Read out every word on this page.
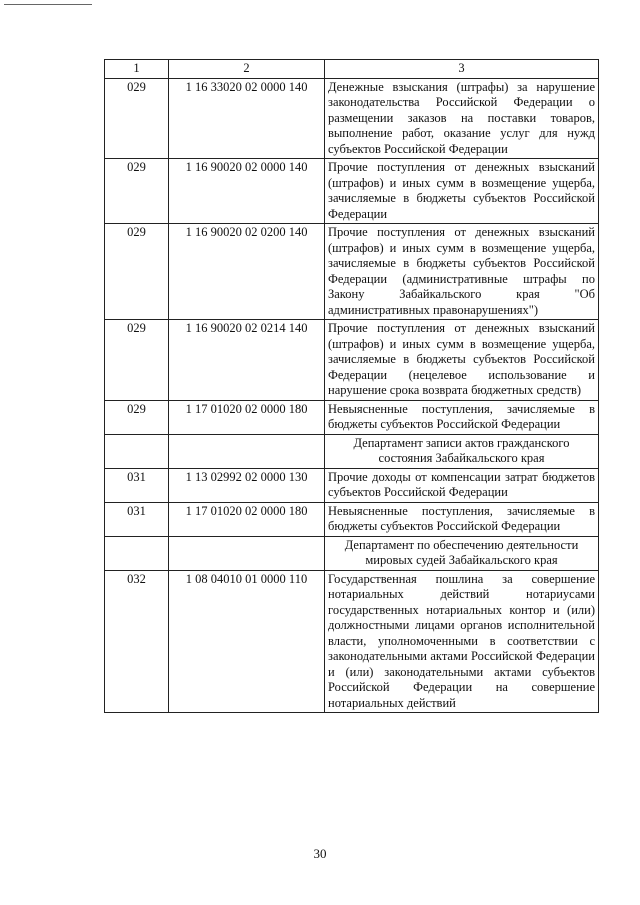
1	2	3
029	1 16 33020 02 0000 140	Денежные взыскания (штрафы) за нарушение законодательства Российской Федерации о размещении заказов на поставки товаров, выполнение работ, оказание услуг для нужд субъектов Российской Федерации
029	1 16 90020 02 0000 140	Прочие поступления от денежных взысканий (штрафов) и иных сумм в возмещение ущерба, зачисляемые в бюджеты субъектов Российской Федерации
029	1 16 90020 02 0200 140	Прочие поступления от денежных взысканий (штрафов) и иных сумм в возмещение ущерба, зачисляемые в бюджеты субъектов Российской Федерации (административные штрафы по Закону Забайкальского края "Об административных правонарушениях")
029	1 16 90020 02 0214 140	Прочие поступления от денежных взысканий (штрафов) и иных сумм в возмещение ущерба, зачисляемые в бюджеты субъектов Российской Федерации (нецелевое использование и нарушение срока возврата бюджетных средств)
029	1 17 01020 02 0000 180	Невыясненные поступления, зачисляемые в бюджеты субъектов Российской Федерации
		Департамент записи актов гражданского состояния Забайкальского края
031	1 13 02992 02 0000 130	Прочие доходы от компенсации затрат бюджетов субъектов Российской Федерации
031	1 17 01020 02 0000 180	Невыясненные поступления, зачисляемые в бюджеты субъектов Российской Федерации
		Департамент по обеспечению деятельности мировых судей Забайкальского края
032	1 08 04010 01 0000 110	Государственная пошлина за совершение нотариальных действий нотариусами государственных нотариальных контор и (или) должностными лицами органов исполнительной власти, уполномоченными в соответствии с законодательными актами Российской Федерации и (или) законодательными актами субъектов Российской Федерации на совершение нотариальных действий
30
